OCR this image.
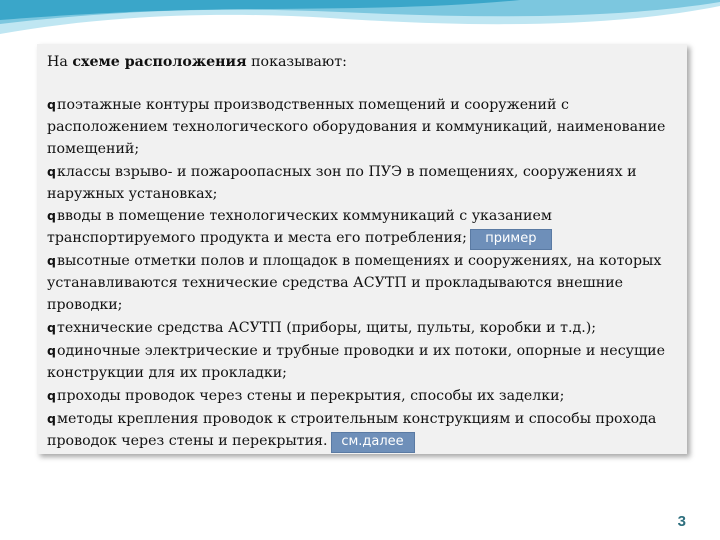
На схеме расположения показывают:

qпоэтажные контуры производственных помещений и сооружений с расположением технологического оборудования и коммуникаций, наименование помещений;
qклассы взрыво- и пожароопасных зон по ПУЭ в помещениях, сооружениях и наружных установках;
qвводы в помещение технологических коммуникаций с указанием транспортируемого продукта и места его потребления; пример
qвысотные отметки полов и площадок в помещениях и сооружениях, на которых устанавливаются технические средства АСУТП и прокладываются внешние проводки;
qтехнические средства АСУТП (приборы, щиты, пульты, коробки и т.д.);
qодиночные электрические и трубные проводки и их потоки, опорные и несущие конструкции для их прокладки;
qпроходы проводок через стены и перекрытия, способы их заделки;
qметоды крепления проводок к строительным конструкциям и способы прохода проводок через стены и перекрытия. см.далее
3
